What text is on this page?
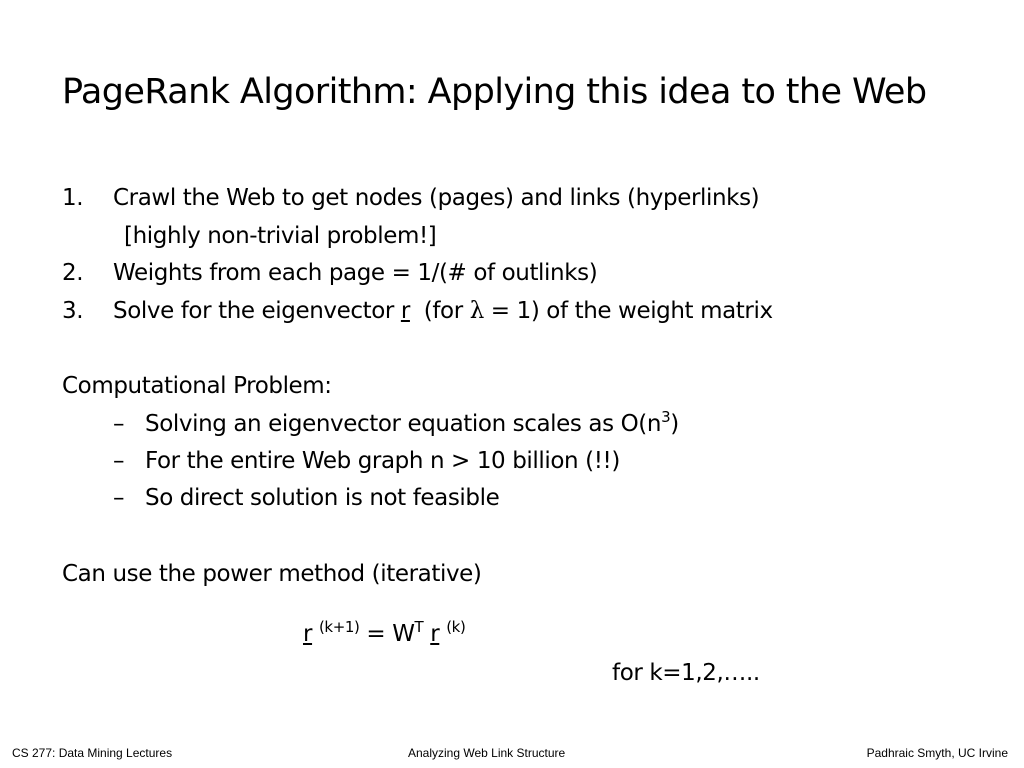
PageRank Algorithm: Applying this idea to the Web
1. Crawl the Web to get nodes (pages) and links (hyperlinks)
[highly non-trivial problem!]
2. Weights from each page = 1/(# of outlinks)
3. Solve for the eigenvector r (for λ = 1) of the weight matrix
Computational Problem:
– Solving an eigenvector equation scales as $O(n^3)$
– For the entire Web graph n > 10 billion (!!)
– So direct solution is not feasible
Can use the power method (iterative)
r $^{(k+1)} = W^T$ r $^{(k)}$
for k=1,2,…..
CS 277: Data Mining Lectures	Analyzing Web Link Structure	Padhraic Smyth, UC Irvine
